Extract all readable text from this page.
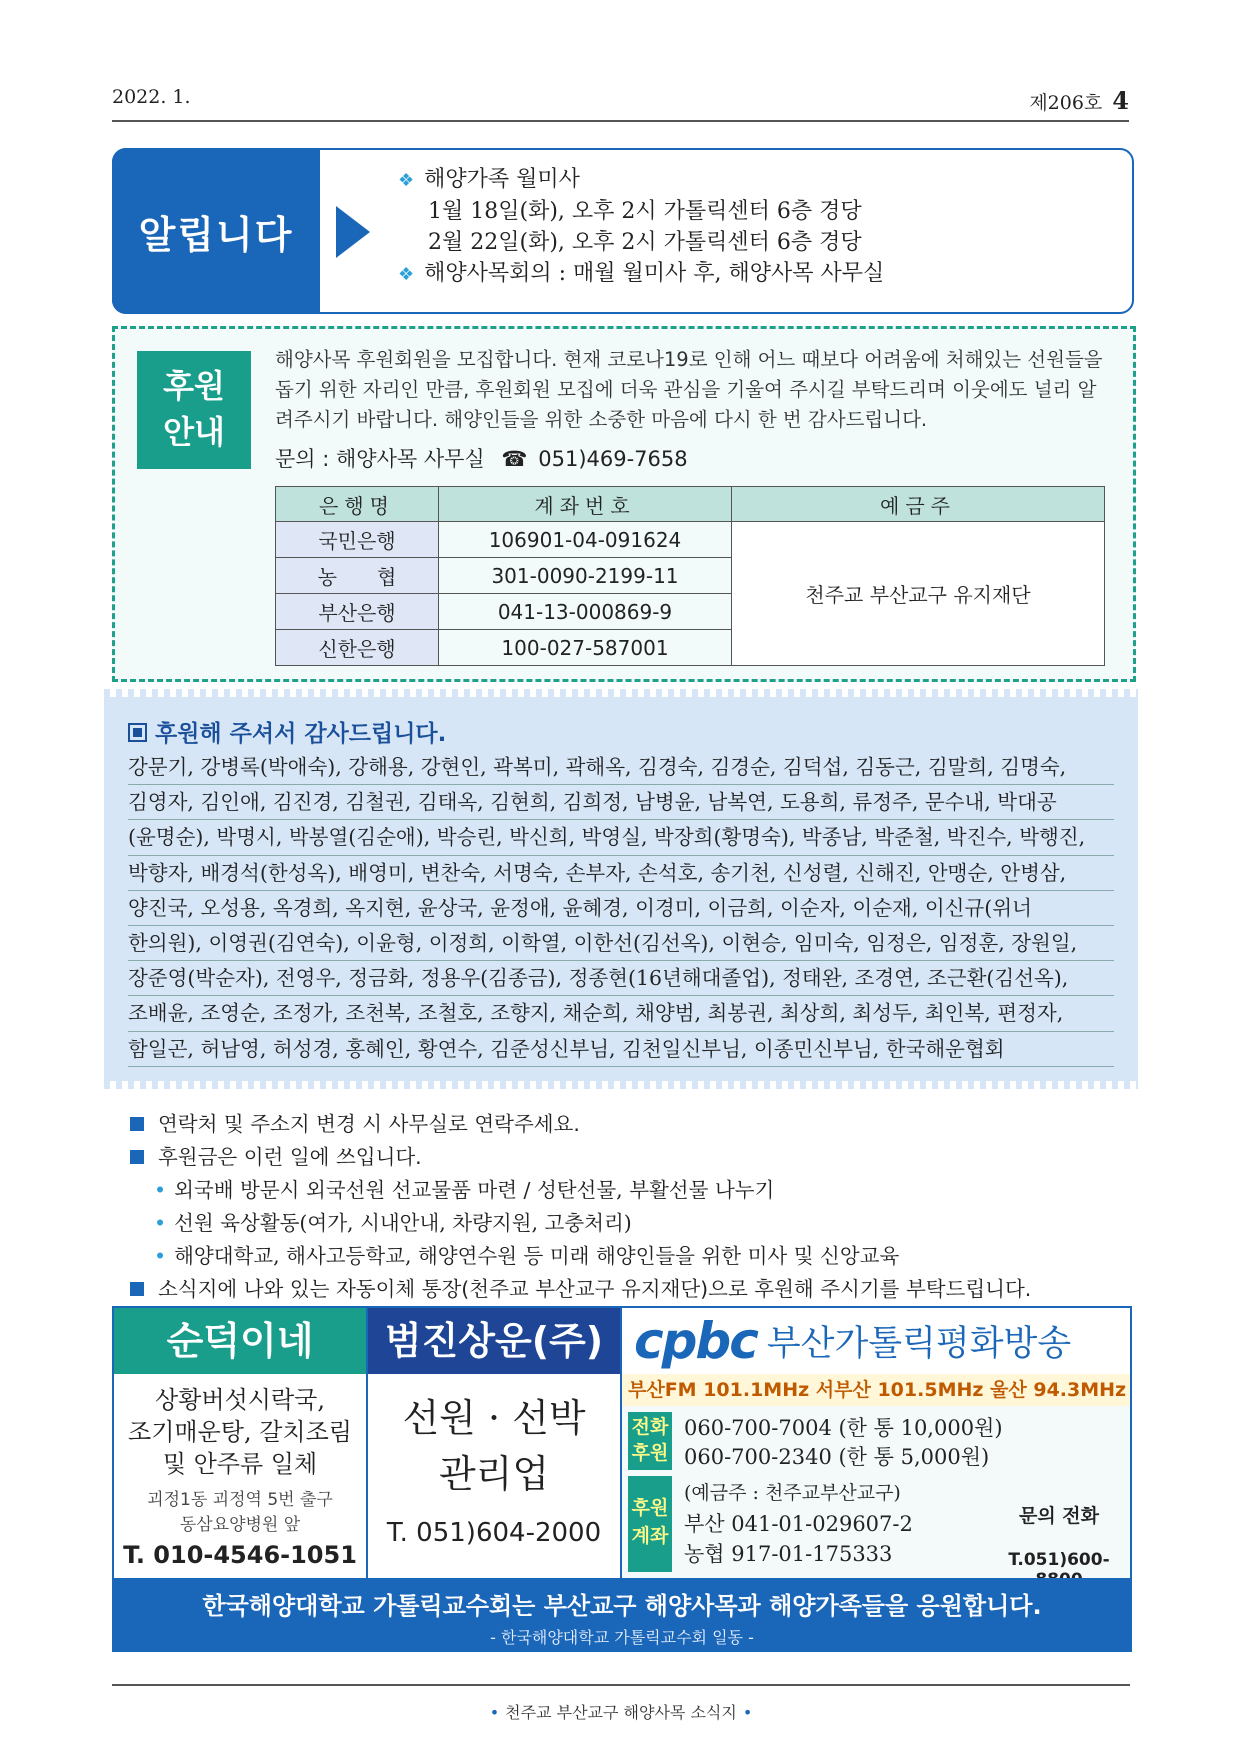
2022. 1.	제206호 4
알립니다
❖ 해양가족 월미사
1월 18일(화), 오후 2시 가톨릭센터 6층 경당
2월 22일(화), 오후 2시 가톨릭센터 6층 경당
❖ 해양사목회의 : 매월 월미사 후, 해양사목 사무실
후원
안내
해양사목 후원회원을 모집합니다. 현재 코로나19로 인해 어느 때보다 어려움에 처해있는 선원들을 돕기 위한 자리인 만큼, 후원회원 모집에 더욱 관심을 기울여 주시길 부탁드리며 이웃에도 널리 알려주시기 바랍니다. 해양인들을 위한 소중한 마음에 다시 한 번 감사드립니다.
문의 : 해양사목 사무실 ☎ 051)469-7658
은행명	계좌번호	예금주
국민은행	106901-04-091624	천주교 부산교구 유지재단
농　　협	301-0090-2199-11	
부산은행	041-13-000869-9	
신한은행	100-027-587001	
후원해 주셔서 감사드립니다.
강문기, 강병록(박애숙), 강해용, 강현인, 곽복미, 곽해옥, 김경숙, 김경순, 김덕섭, 김동근, 김말희, 김명숙,
김영자, 김인애, 김진경, 김철권, 김태옥, 김현희, 김희정, 남병윤, 남복연, 도용희, 류정주, 문수내, 박대공
(윤명순), 박명시, 박봉열(김순애), 박승린, 박신희, 박영실, 박장희(황명숙), 박종남, 박준철, 박진수, 박행진,
박향자, 배경석(한성옥), 배영미, 변찬숙, 서명숙, 손부자, 손석호, 송기천, 신성렬, 신해진, 안맹순, 안병삼,
양진국, 오성용, 옥경희, 옥지현, 윤상국, 윤정애, 윤혜경, 이경미, 이금희, 이순자, 이순재, 이신규(위너
한의원), 이영권(김연숙), 이윤형, 이정희, 이학열, 이한선(김선옥), 이현승, 임미숙, 임정은, 임정훈, 장원일,
장준영(박순자), 전영우, 정금화, 정용우(김종금), 정종현(16년해대졸업), 정태완, 조경연, 조근환(김선옥),
조배윤, 조영순, 조정가, 조천복, 조철호, 조향지, 채순희, 채양범, 최봉권, 최상희, 최성두, 최인복, 편정자,
함일곤, 허남영, 허성경, 홍혜인, 황연수, 김준성신부님, 김천일신부님, 이종민신부님, 한국해운협회
연락처 및 주소지 변경 시 사무실로 연락주세요.
후원금은 이런 일에 쓰입니다.
• 외국배 방문시 외국선원 선교물품 마련 / 성탄선물, 부활선물 나누기
• 선원 육상활동(여가, 시내안내, 차량지원, 고충처리)
• 해양대학교, 해사고등학교, 해양연수원 등 미래 해양인들을 위한 미사 및 신앙교육
소식지에 나와 있는 자동이체 통장(천주교 부산교구 유지재단)으로 후원해 주시기를 부탁드립니다.
순덕이네
상황버섯시락국,
조기매운탕, 갈치조림
및 안주류 일체
괴정1동 괴정역 5번 출구
동삼요양병원 앞
T. 010-4546-1051
범진상운(주)
선원 · 선박
관리업
T. 051)604-2000
cpbc 부산가톨릭평화방송
부산FM 101.1MHz 서부산 101.5MHz 울산 94.3MHz
전화
후원
060-700-7004 (한 통 10,000원)
060-700-2340 (한 통 5,000원)
후원
계좌
(예금주 : 천주교부산교구)
부산 041-01-029607-2
농협 917-01-175333
문의 전화
T.051)600-
한국해양대학교 가톨릭교수회는 부산교구 해양사목과 해양가족들을 응원합니다.
- 한국해양대학교 가톨릭교수회 일동 -
• 천주교 부산교구 해양사목 소식지 •
